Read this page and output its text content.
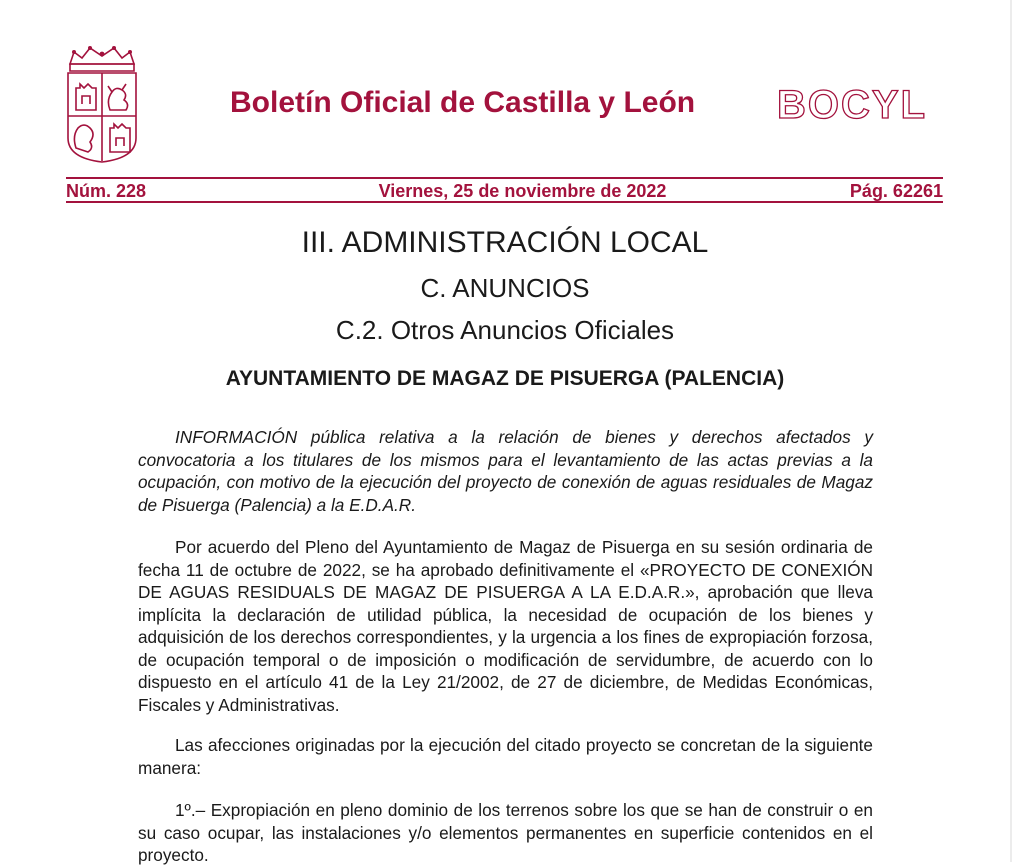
Boletín Oficial de Castilla y León BOCYL
Núm. 228	Viernes, 25 de noviembre de 2022	Pág. 62261
III. ADMINISTRACIÓN LOCAL
C. ANUNCIOS
C.2. Otros Anuncios Oficiales
AYUNTAMIENTO DE MAGAZ DE PISUERGA (PALENCIA)

INFORMACIÓN pública relativa a la relación de bienes y derechos afectados y convocatoria a los titulares de los mismos para el levantamiento de las actas previas a la ocupación, con motivo de la ejecución del proyecto de conexión de aguas residuales de Magaz de Pisuerga (Palencia) a la E.D.A.R.

Por acuerdo del Pleno del Ayuntamiento de Magaz de Pisuerga en su sesión ordinaria de fecha 11 de octubre de 2022, se ha aprobado definitivamente el «PROYECTO DE CONEXIÓN DE AGUAS RESIDUALS DE MAGAZ DE PISUERGA A LA E.D.A.R.», aprobación que lleva implícita la declaración de utilidad pública, la necesidad de ocupación de los bienes y adquisición de los derechos correspondientes, y la urgencia a los fines de expropiación forzosa, de ocupación temporal o de imposición o modificación de servidumbre, de acuerdo con lo dispuesto en el artículo 41 de la Ley 21/2002, de 27 de diciembre, de Medidas Económicas, Fiscales y Administrativas.

Las afecciones originadas por la ejecución del citado proyecto se concretan de la siguiente manera:

1º.– Expropiación en pleno dominio de los terrenos sobre los que se han de construir o en su caso ocupar, las instalaciones y/o elementos permanentes en superficie contenidos en el proyecto.
